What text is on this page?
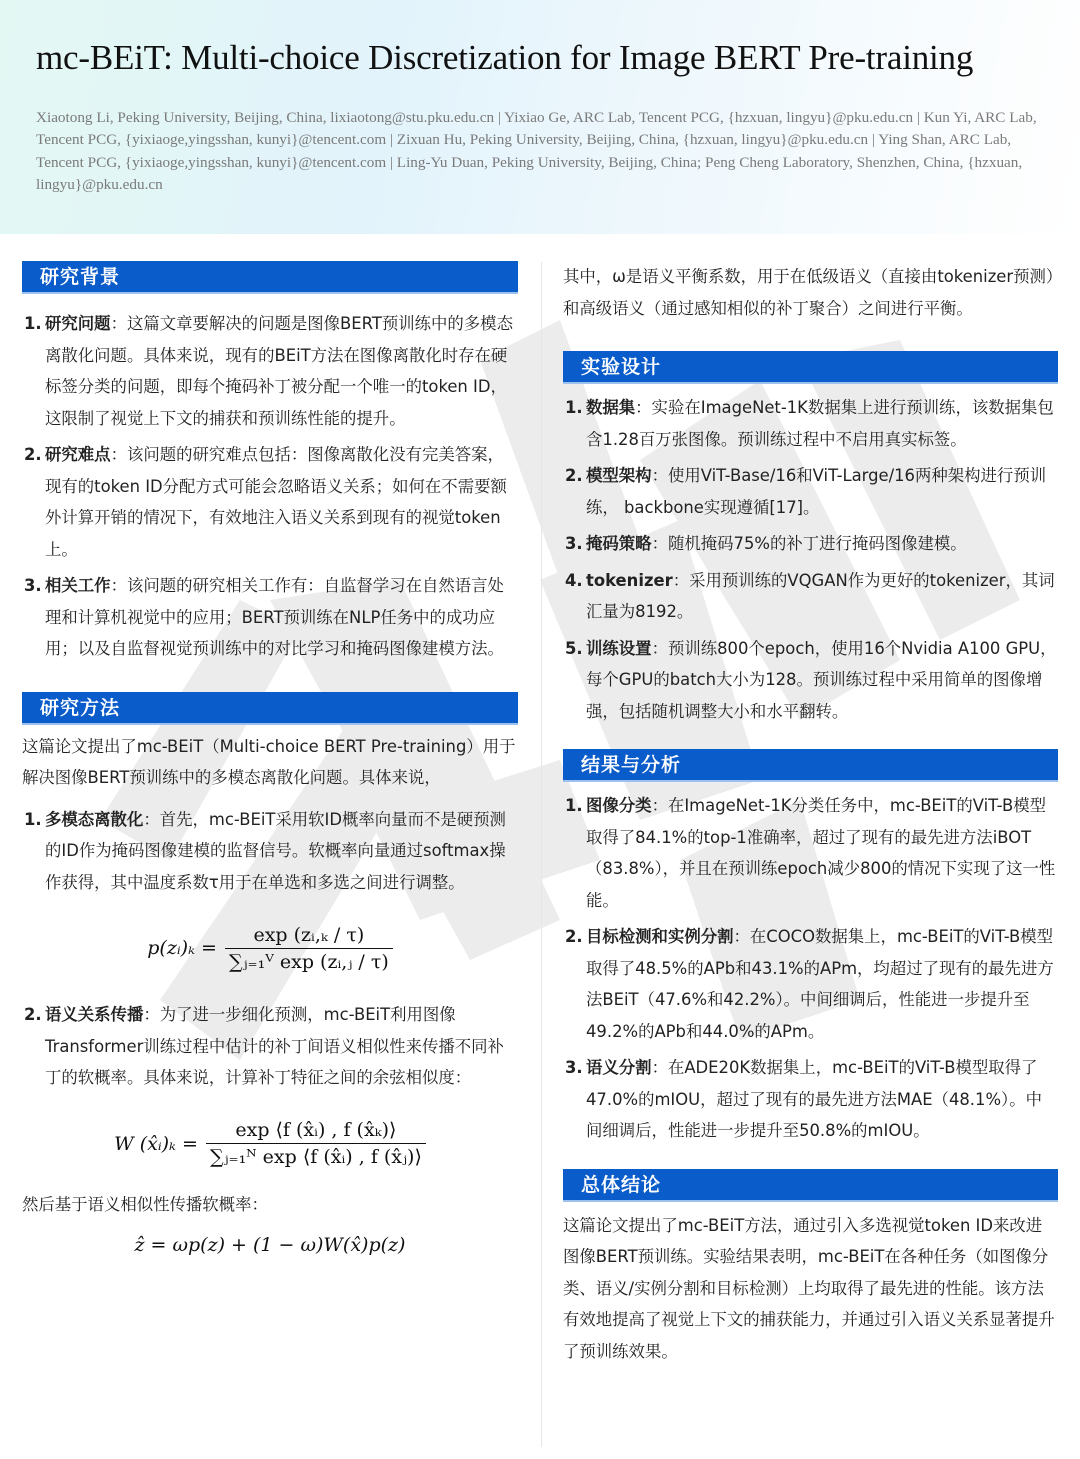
mc-BEiT: Multi-choice Discretization for Image BERT Pre-training
Xiaotong Li, Peking University, Beijing, China, lixiaotong@stu.pku.edu.cn | Yixiao Ge, ARC Lab, Tencent PCG, {hzxuan, lingyu}@pku.edu.cn | Kun Yi, ARC Lab, Tencent PCG, {yixiaoge,yingsshan, kunyi}@tencent.com | Zixuan Hu, Peking University, Beijing, China, {hzxuan, lingyu}@pku.edu.cn | Ying Shan, ARC Lab, Tencent PCG, {yixiaoge,yingsshan, kunyi}@tencent.com | Ling-Yu Duan, Peking University, Beijing, China; Peng Cheng Laboratory, Shenzhen, China, {hzxuan, lingyu}@pku.edu.cn
研究背景
1. 研究问题：这篇文章要解决的问题是图像BERT预训练中的多模态离散化问题。具体来说，现有的BEiT方法在图像离散化时存在硬标签分类的问题，即每个掩码补丁被分配一个唯一的token ID，这限制了视觉上下文的捕获和预训练性能的提升。
2. 研究难点：该问题的研究难点包括：图像离散化没有完美答案，现有的token ID分配方式可能会忽略语义关系；如何在不需要额外计算开销的情况下，有效地注入语义关系到现有的视觉token上。
3. 相关工作：该问题的研究相关工作有：自监督学习在自然语言处理和计算机视觉中的应用；BERT预训练在NLP任务中的成功应用；以及自监督视觉预训练中的对比学习和掩码图像建模方法。
研究方法

这篇论文提出了mc-BEiT（Multi-choice BERT Pre-training）用于解决图像BERT预训练中的多模态离散化问题。具体来说，

1. 多模态离散化：首先，mc-BEiT采用软ID概率向量而不是硬预测的ID作为掩码图像建模的监督信号。软概率向量通过softmax操作获得，其中温度系数τ用于在单选和多选之间进行调整。
p(zᵢ)ₖ = $\frac{\text{exp (zᵢ,ₖ / τ)}}{\text{∑ⱼ₌₁ⱽ exp (zᵢ,ⱼ / τ)}}$
2. 语义关系传播：为了进一步细化预测，mc-BEiT利用图像Transformer训练过程中估计的补丁间语义相似性来传播不同补丁的软概率。具体来说，计算补丁特征之间的余弦相似度：
W (x̂ᵢ)ₖ = $\frac{\text{exp ⟨f (x̂ᵢ) , f (x̂ₖ)⟩}}{\text{∑ⱼ₌₁ᴺ exp ⟨f (x̂ᵢ) , f (x̂ⱼ)⟩}}$

然后基于语义相似性传播软概率：

ẑ = ωp(z) + (1 − ω)W(x̂)p(z)

其中，ω是语义平衡系数，用于在低级语义（直接由tokenizer预测）和高级语义（通过感知相似的补丁聚合）之间进行平衡。

实验设计
1. 数据集：实验在ImageNet-1K数据集上进行预训练，该数据集包含1.28百万张图像。预训练过程中不启用真实标签。
2. 模型架构：使用ViT-Base/16和ViT-Large/16两种架构进行预训练， backbone实现遵循[17]。
3. 掩码策略：随机掩码75%的补丁进行掩码图像建模。
4. tokenizer：采用预训练的VQGAN作为更好的tokenizer，其词汇量为8192。
5. 训练设置：预训练800个epoch，使用16个Nvidia A100 GPU，每个GPU的batch大小为128。预训练过程中采用简单的图像增强，包括随机调整大小和水平翻转。
结果与分析
1. 图像分类：在ImageNet-1K分类任务中，mc-BEiT的ViT-B模型取得了84.1%的top-1准确率，超过了现有的最先进方法iBOT（83.8%），并且在预训练epoch减少800的情况下实现了这一性能。
2. 目标检测和实例分割：在COCO数据集上，mc-BEiT的ViT-B模型取得了48.5%的APb和43.1%的APm，均超过了现有的最先进方法BEiT（47.6%和42.2%）。中间细调后，性能进一步提升至49.2%的APb和44.0%的APm。
3. 语义分割：在ADE20K数据集上，mc-BEiT的ViT-B模型取得了47.0%的mIOU，超过了现有的最先进方法MAE（48.1%）。中间细调后，性能进一步提升至50.8%的mIOU。
总体结论

这篇论文提出了mc-BEiT方法，通过引入多选视觉token ID来改进图像BERT预训练。实验结果表明，mc-BEiT在各种任务（如图像分类、语义/实例分割和目标检测）上均取得了最先进的性能。该方法有效地提高了视觉上下文的捕获能力，并通过引入语义关系显著提升了预训练效果。
